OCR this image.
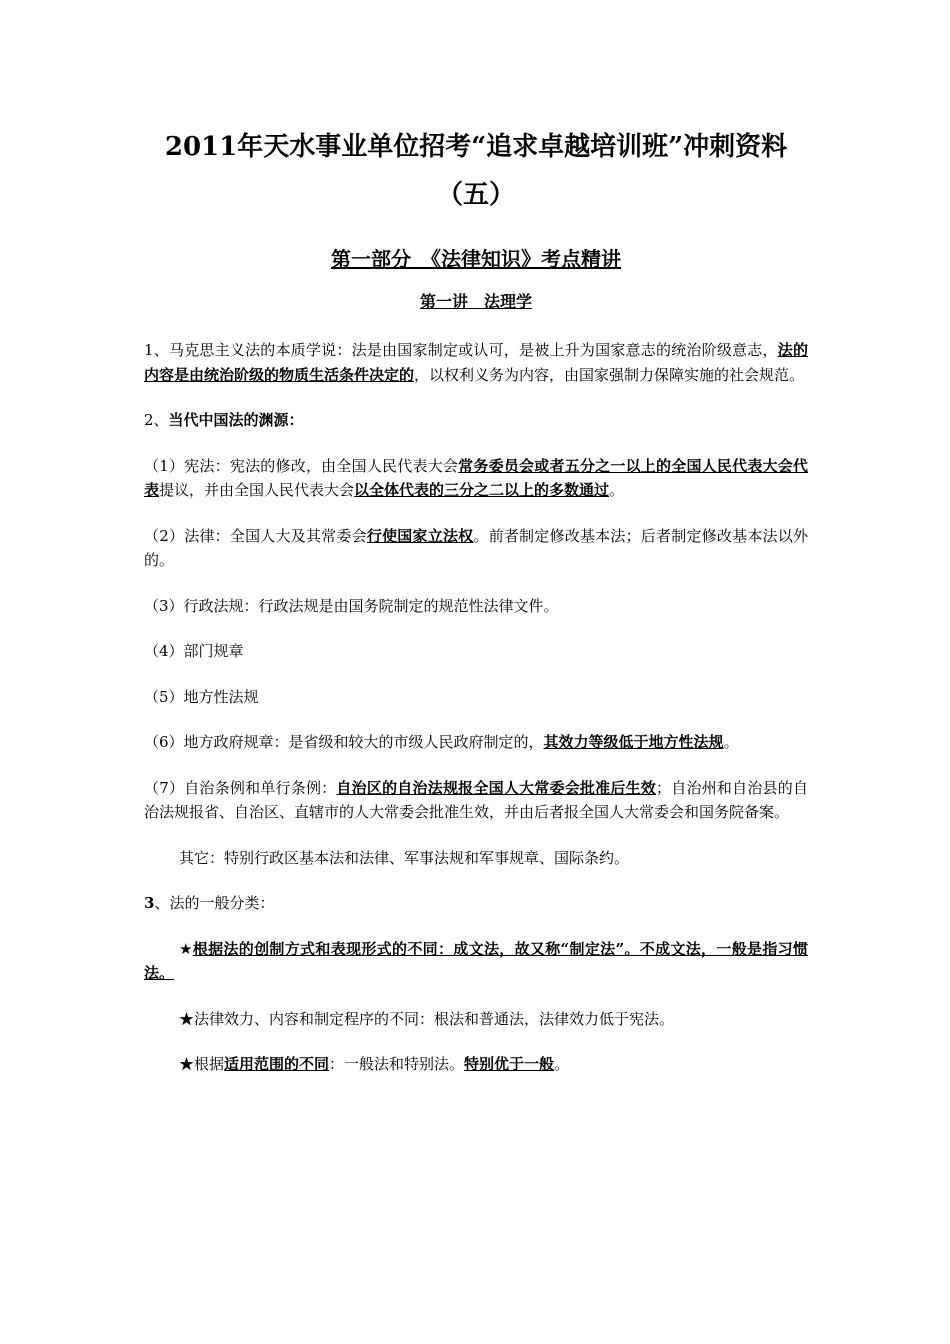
2011年天水事业单位招考“追求卓越培训班”冲刺资料
（五）
第一部分　《法律知识》考点精讲
第一讲　法理学

1、马克思主义法的本质学说：法是由国家制定或认可，是被上升为国家意志的统治阶级意志，法的内容是由统治阶级的物质生活条件决定的，以权利义务为内容，由国家强制力保障实施的社会规范。

2、当代中国法的渊源：

（1）宪法：宪法的修改，由全国人民代表大会常务委员会或者五分之一以上的全国人民代表大会代表提议，并由全国人民代表大会以全体代表的三分之二以上的多数通过。

（2）法律：全国人大及其常委会行使国家立法权。前者制定修改基本法；后者制定修改基本法以外的。

（3）行政法规：行政法规是由国务院制定的规范性法律文件。

（4）部门规章

（5）地方性法规

（6）地方政府规章：是省级和较大的市级人民政府制定的，其效力等级低于地方性法规。

（7）自治条例和单行条例：自治区的自治法规报全国人大常委会批准后生效；自治州和自治县的自治法规报省、自治区、直辖市的人大常委会批准生效，并由后者报全国人大常委会和国务院备案。

其它：特别行政区基本法和法律、军事法规和军事规章、国际条约。

3、法的一般分类：

★根据法的创制方式和表现形式的不同：成文法，故又称“制定法”。不成文法，一般是指习惯法。

★法律效力、内容和制定程序的不同：根法和普通法，法律效力低于宪法。

★根据适用范围的不同：一般法和特别法。特别优于一般。
